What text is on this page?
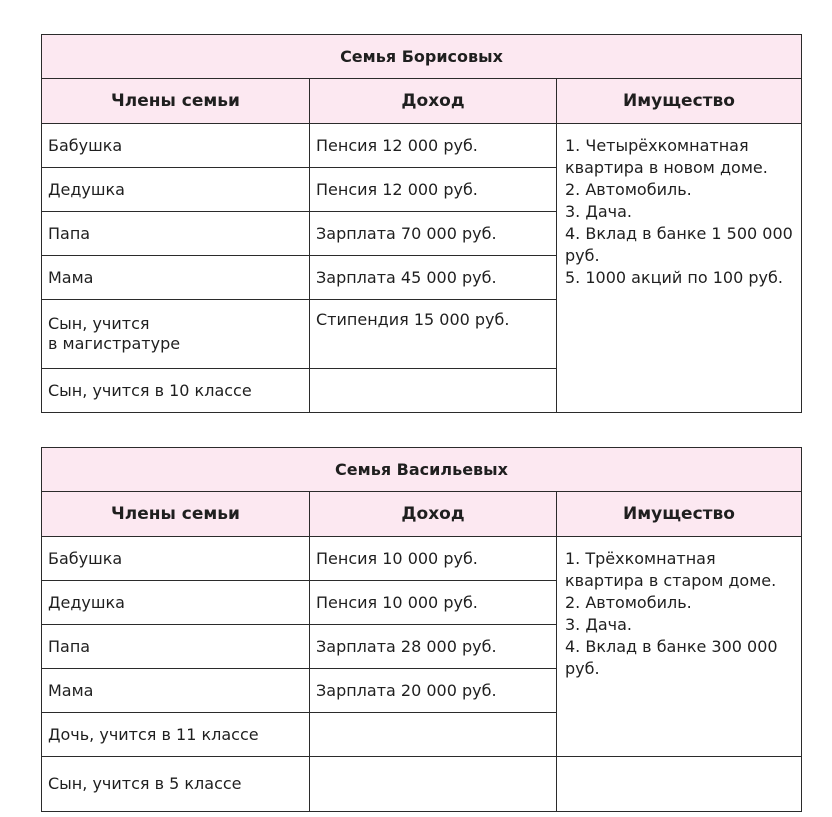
Семья Борисовых		
Члены семьи	Доход	Имущество
Бабушка	Пенсия 12 000 руб.	1. Четырёхкомнатная квартира в новом доме.
2. Автомобиль.
3. Дача.
4. Вклад в банке 1 500 000 руб.
5. 1000 акций по 100 руб.
Дедушка	Пенсия 12 000 руб.	
Папа	Зарплата 70 000 руб.	
Мама	Зарплата 45 000 руб.	
Сын, учится
в магистратуре	Стипендия 15 000 руб.	
Сын, учится в 10 классе		
Семья Васильевых		
Члены семьи	Доход	Имущество
Бабушка	Пенсия 10 000 руб.	1. Трёхкомнатная квартира в старом доме.
2. Автомобиль.
3. Дача.
4. Вклад в банке 300 000 руб.
Дедушка	Пенсия 10 000 руб.	
Папа	Зарплата 28 000 руб.	
Мама	Зарплата 20 000 руб.	
Дочь, учится в 11 классе		
Сын, учится в 5 классе		
